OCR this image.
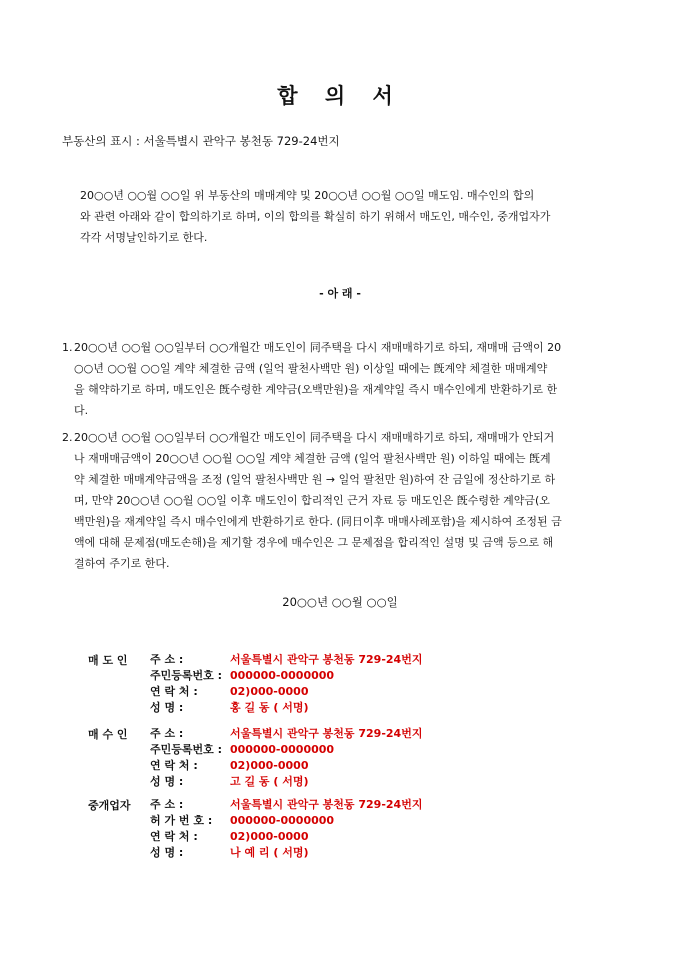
합 의 서
부동산의 표시 : 서울특별시 관악구 봉천동 729-24번지

20○○년 ○○월 ○○일 위 부동산의 매매계약 및 20○○년 ○○월 ○○일 매도임. 매수인의 합의

와 관련 아래와 같이 합의하기로 하며, 이의 합의를 확실히 하기 위해서 매도인, 매수인, 중개업자가

각각 서명날인하기로 한다.

- 아 래 -
1. 20○○년 ○○월 ○○일부터 ○○개월간 매도인이 同주택을 다시 재매매하기로 하되, 재매매 금액이 20
○○년 ○○월 ○○일 계약 체결한 금액 (일억 팔천사백만 원) 이상일 때에는 旣계약 체결한 매매계약
을 해약하기로 하며, 매도인은 旣수령한 계약금(오백만원)을 재계약일 즉시 매수인에게 반환하기로 한
다.
2. 20○○년 ○○월 ○○일부터 ○○개월간 매도인이 同주택을 다시 재매매하기로 하되, 재매매가 안되거
나 재매매금액이 20○○년 ○○월 ○○일 계약 체결한 금액 (일억 팔천사백만 원) 이하일 때에는 旣계
약 체결한 매매계약금액을 조정 (일억 팔천사백만 원 → 일억 팔천만 원)하여 잔 금일에 정산하기로 하
며, 만약 20○○년 ○○월 ○○일 이후 매도인이 합리적인 근거 자료 등 매도인은 旣수령한 계약금(오
백만원)을 재계약일 즉시 매수인에게 반환하기로 한다. (同日이후 매매사례포함)을 제시하여 조정된 금
액에 대해 문제점(매도손해)을 제기할 경우에 매수인은 그 문제점을 합리적인 설명 및 금액 등으로 해
결하여 주기로 한다.
20○○년 ○○월 ○○일
매 도 인	주 소 :	서울특별시 관악구 봉천동 729-24번지
주민등록번호 : 000000-0000000
연 락 처 :	02)000-0000
성 명 :	홍 길 동 ( 서명)
매 수 인	주 소 :	서울특별시 관악구 봉천동 729-24번지
주민등록번호 : 000000-0000000
연 락 처 :	02)000-0000
성 명 :	고 길 동 ( 서명)
중개업자	주 소 :	서울특별시 관악구 봉천동 729-24번지
허 가 번 호 : 000000-0000000
연 락 처 :	02)000-0000
성 명 :	나 예 리 ( 서명)
